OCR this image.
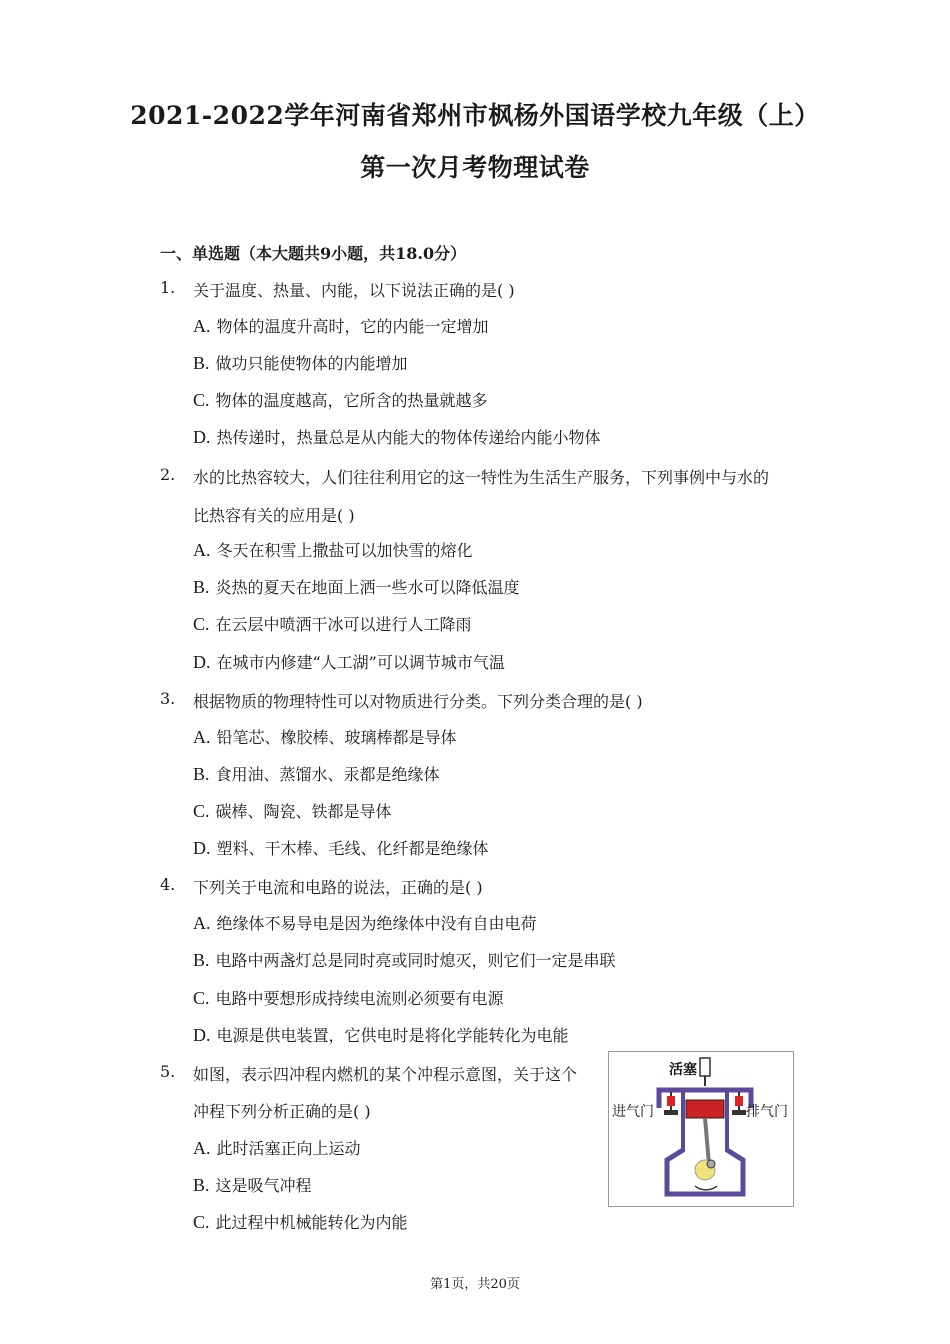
2021-2022学年河南省郑州市枫杨外国语学校九年级（上）
第一次月考物理试卷
一、单选题（本大题共9小题，共18.0分）
1. 关于温度、热量、内能，以下说法正确的是( )
A. 物体的温度升高时，它的内能一定增加
B. 做功只能使物体的内能增加
C. 物体的温度越高，它所含的热量就越多
D. 热传递时，热量总是从内能大的物体传递给内能小物体
2. 水的比热容较大，人们往往利用它的这一特性为生活生产服务，下列事例中与水的
比热容有关的应用是( )
A. 冬天在积雪上撒盐可以加快雪的熔化
B. 炎热的夏天在地面上洒一些水可以降低温度
C. 在云层中喷洒干冰可以进行人工降雨
D. 在城市内修建“人工湖”可以调节城市气温
3. 根据物质的物理特性可以对物质进行分类。下列分类合理的是( )
A. 铅笔芯、橡胶棒、玻璃棒都是导体
B. 食用油、蒸馏水、汞都是绝缘体
C. 碳棒、陶瓷、铁都是导体
D. 塑料、干木棒、毛线、化纤都是绝缘体
4. 下列关于电流和电路的说法，正确的是( )
A. 绝缘体不易导电是因为绝缘体中没有自由电荷
B. 电路中两盏灯总是同时亮或同时熄灭，则它们一定是串联
C. 电路中要想形成持续电流则必须要有电源
D. 电源是供电装置，它供电时是将化学能转化为电能
5. 如图，表示四冲程内燃机的某个冲程示意图，关于这个
冲程下列分析正确的是( )
A. 此时活塞正向上运动
B. 这是吸气冲程
C. 此过程中机械能转化为内能
活塞
进气门	排气门
第1页，共20页
